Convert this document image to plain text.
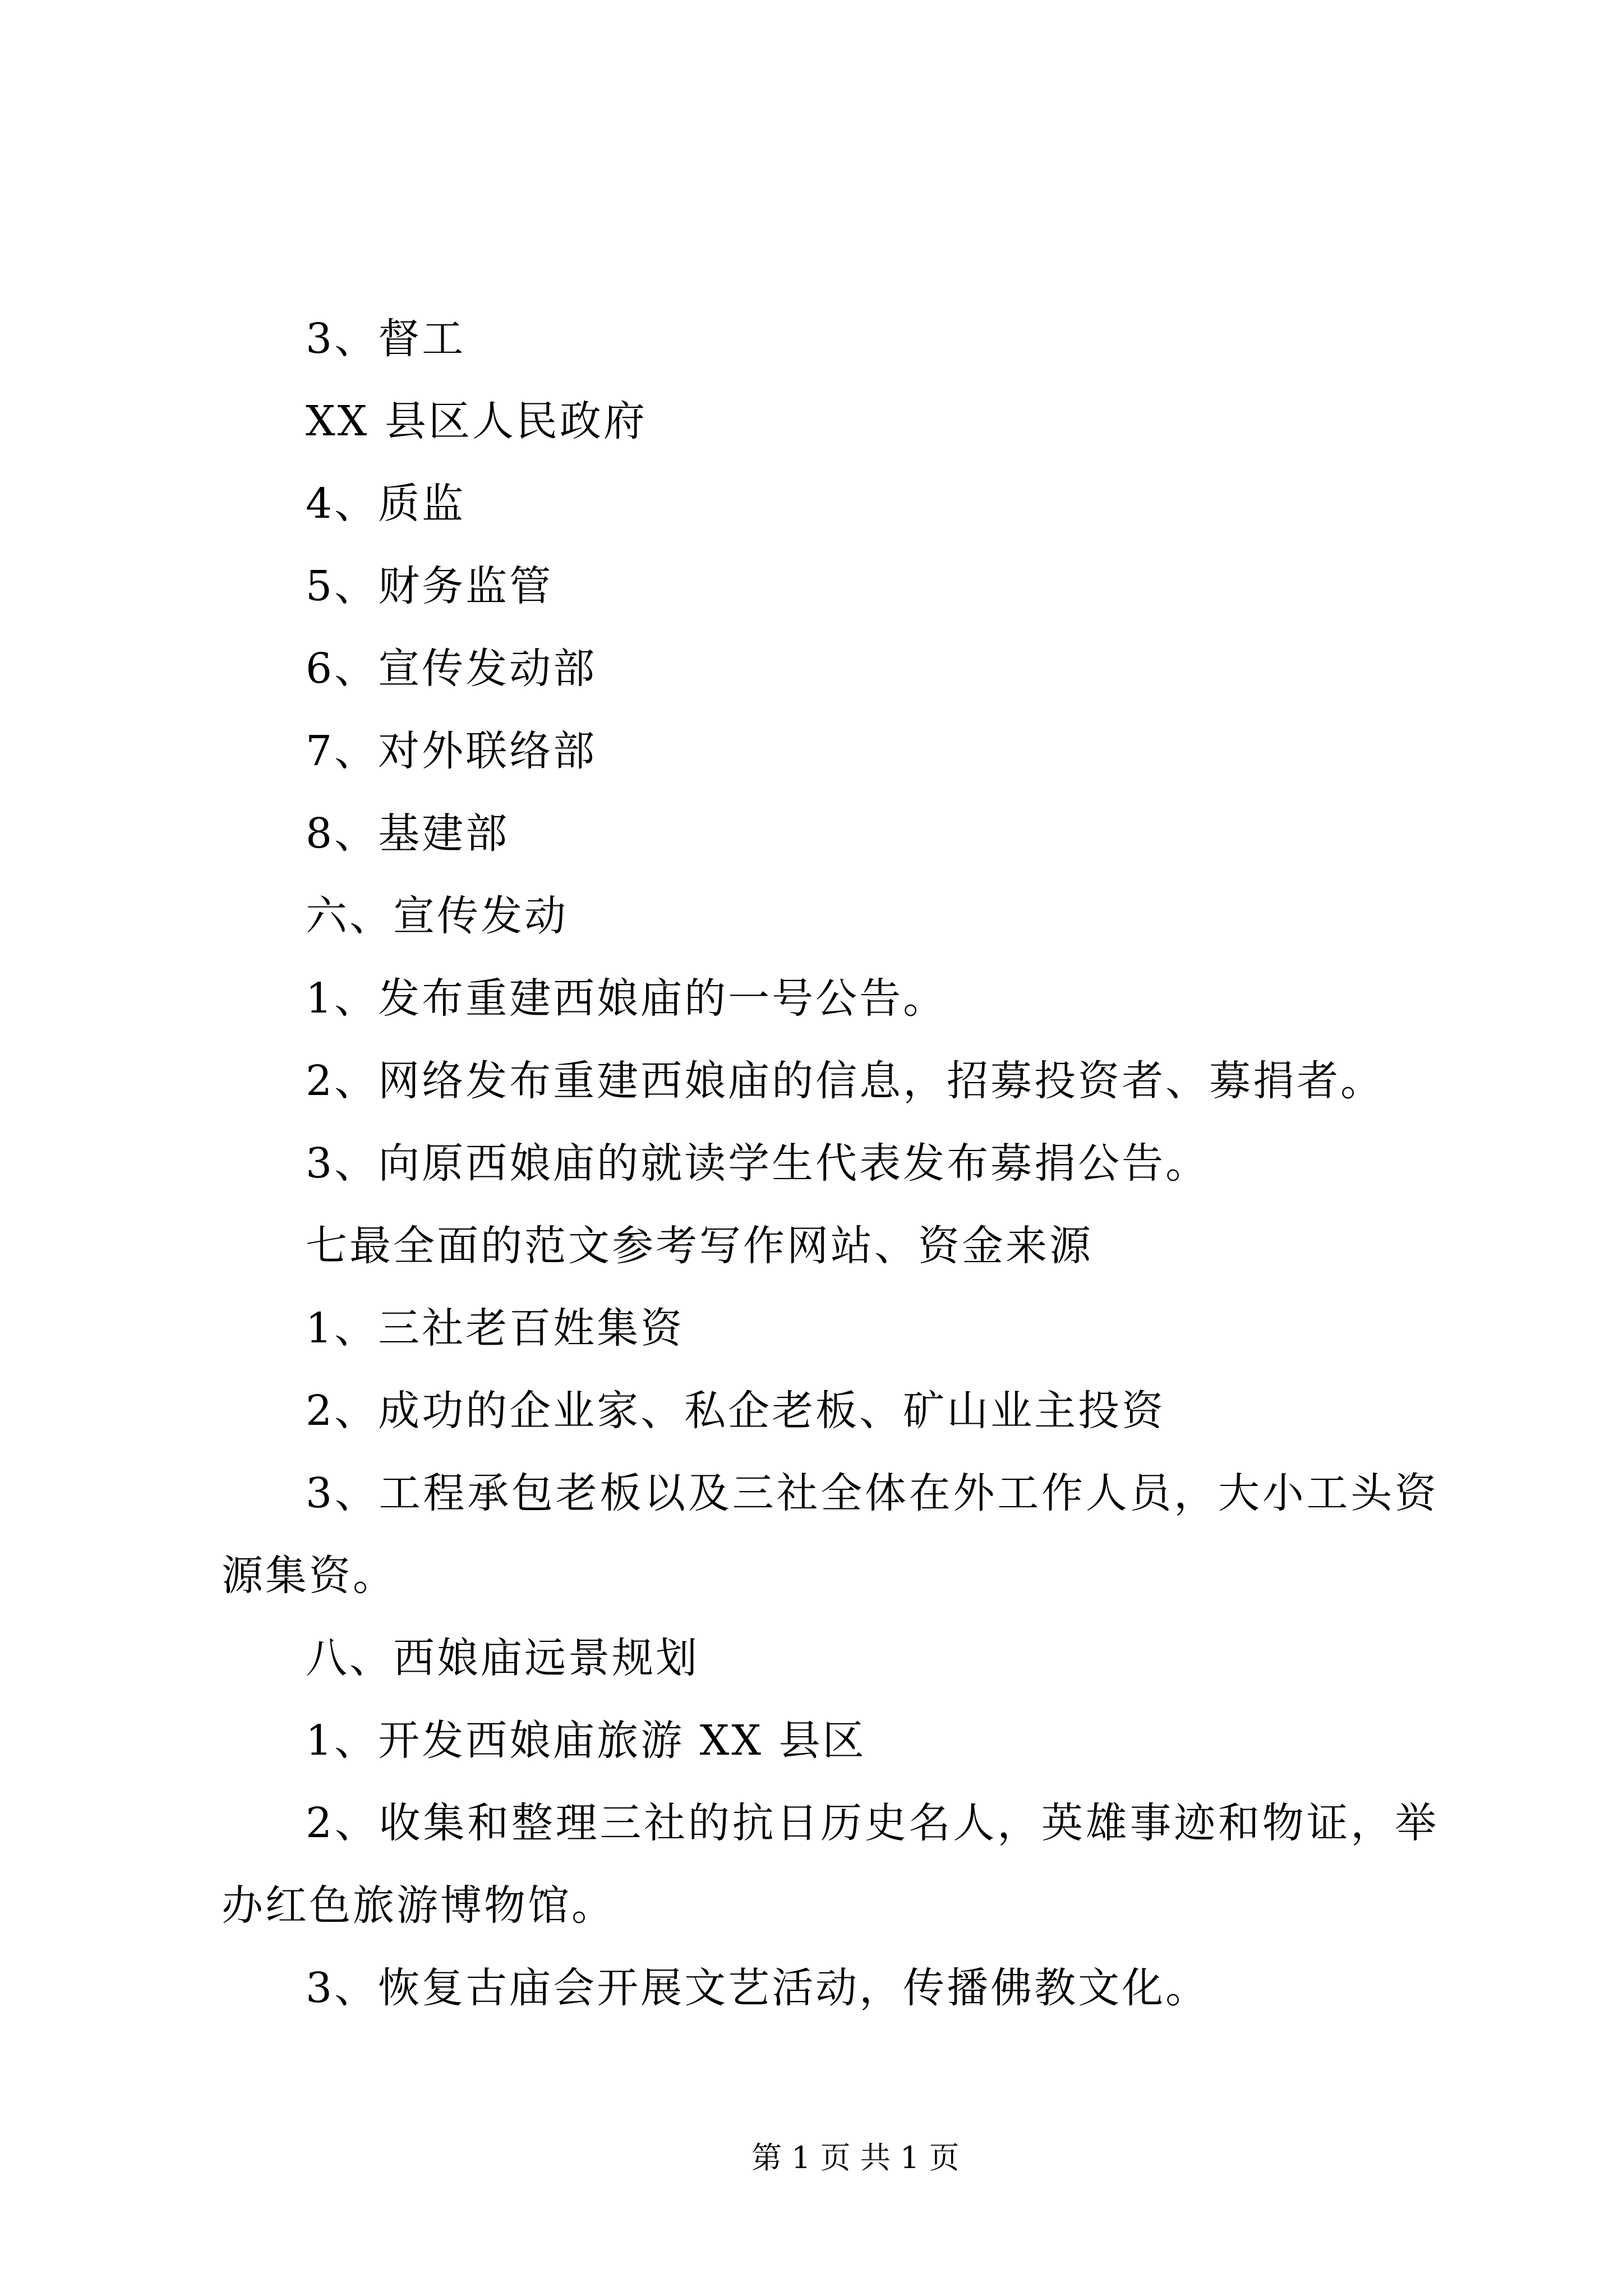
3、督工

XX 县区人民政府

4、质监

5、财务监管

6、宣传发动部

7、对外联络部

8、基建部

六、宣传发动

1、发布重建西娘庙的一号公告。

2、网络发布重建西娘庙的信息，招募投资者、募捐者。

3、向原西娘庙的就读学生代表发布募捐公告。

七最全面的范文参考写作网站、资金来源

1、三社老百姓集资

2、成功的企业家、私企老板、矿山业主投资

3、工程承包老板以及三社全体在外工作人员，大小工头资源集资。

八、西娘庙远景规划

1、开发西娘庙旅游 XX 县区

2、收集和整理三社的抗日历史名人，英雄事迹和物证，举办红色旅游博物馆。

3、恢复古庙会开展文艺活动，传播佛教文化。

第 1 页 共 1 页
